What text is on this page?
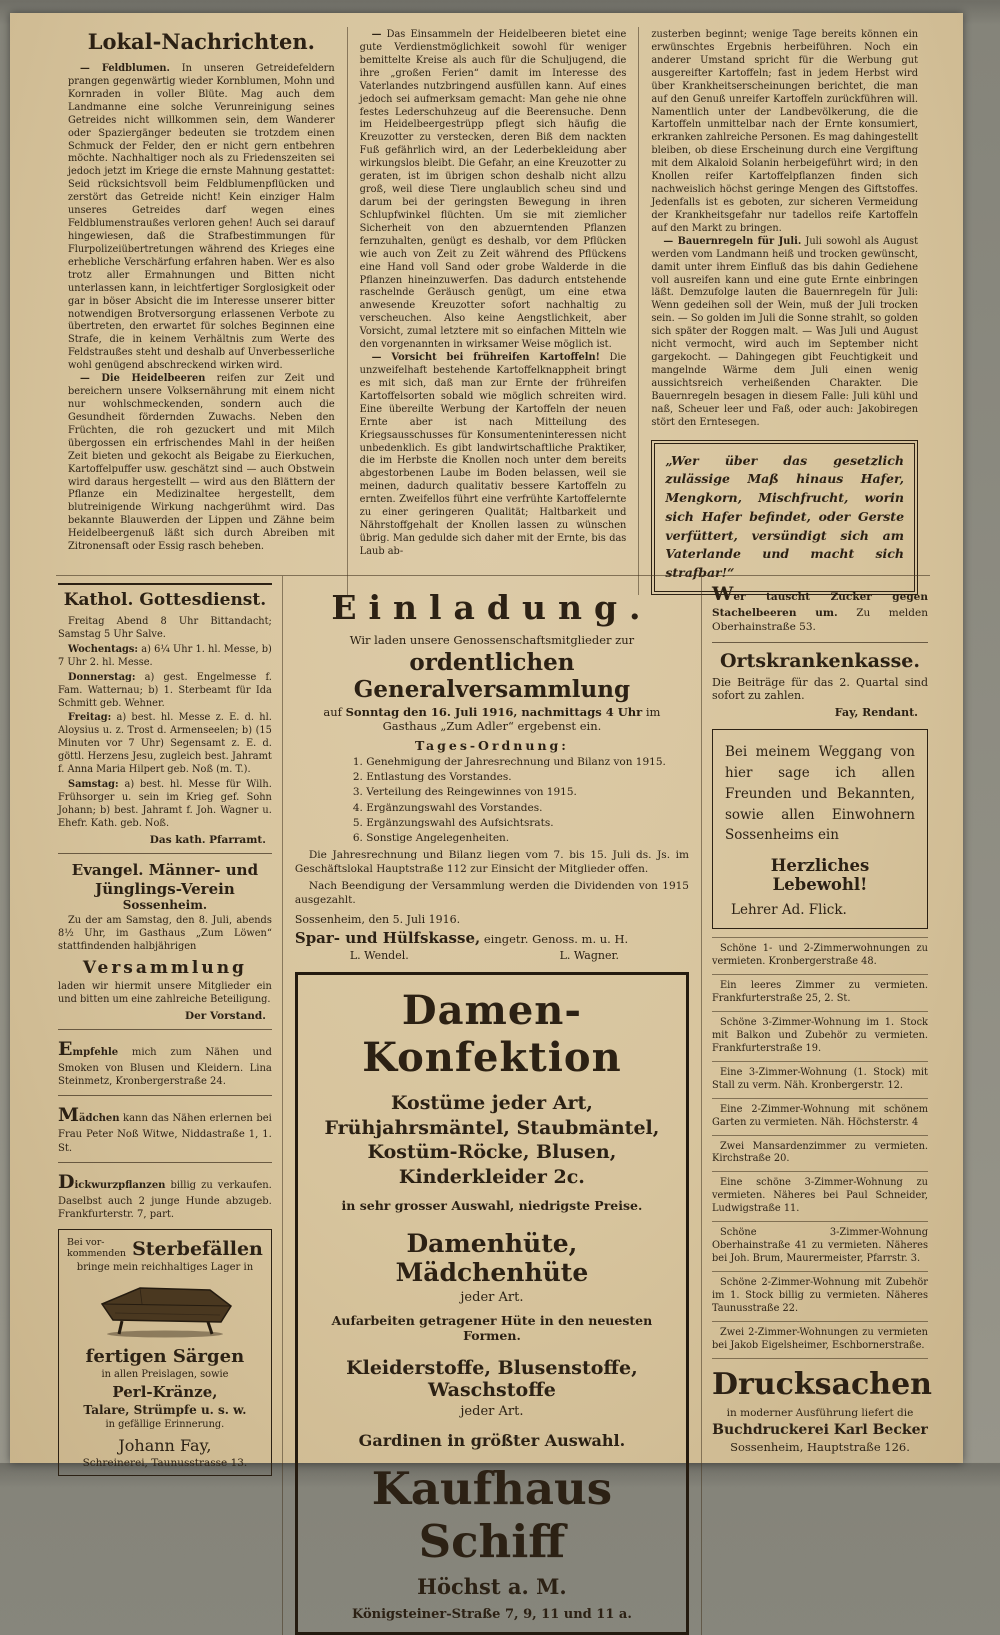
Lokal-Nachrichten.

— Feldblumen. In unseren Getreidefeldern prangen gegenwärtig wieder Kornblumen, Mohn und Kornraden in voller Blüte. Mag auch dem Landmanne eine solche Verunreinigung seines Getreides nicht willkommen sein, dem Wanderer oder Spaziergänger bedeuten sie trotzdem einen Schmuck der Felder, den er nicht gern entbehren möchte. Nachhaltiger noch als zu Friedenszeiten sei jedoch jetzt im Kriege die ernste Mahnung gestattet: Seid rücksichtsvoll beim Feldblumenpflücken und zerstört das Getreide nicht! Kein einziger Halm unseres Getreides darf wegen eines Feldblumenstraußes verloren gehen! Auch sei darauf hingewiesen, daß die Strafbestimmungen für Flurpolizeiübertretungen während des Krieges eine erhebliche Verschärfung erfahren haben. Wer es also trotz aller Ermahnungen und Bitten nicht unterlassen kann, in leichtfertiger Sorglosigkeit oder gar in böser Absicht die im Interesse unserer bitter notwendigen Brotversorgung erlassenen Verbote zu übertreten, den erwartet für solches Beginnen eine Strafe, die in keinem Verhältnis zum Werte des Feldstraußes steht und deshalb auf Unverbesserliche wohl genügend abschreckend wirken wird.

— Die Heidelbeeren reifen zur Zeit und bereichern unsere Volksernährung mit einem nicht nur wohlschmeckenden, sondern auch die Gesundheit fördernden Zuwachs. Neben den Früchten, die roh gezuckert und mit Milch übergossen ein erfrischendes Mahl in der heißen Zeit bieten und gekocht als Beigabe zu Eierkuchen, Kartoffelpuffer usw. geschätzt sind — auch Obstwein wird daraus hergestellt — wird aus den Blättern der Pflanze ein Medizinaltee hergestellt, dem blutreinigende Wirkung nachgerühmt wird. Das bekannte Blauwerden der Lippen und Zähne beim Heidelbeergenuß läßt sich durch Abreiben mit Zitronensaft oder Essig rasch beheben.

— Das Einsammeln der Heidelbeeren bietet eine gute Verdienstmöglichkeit sowohl für weniger bemittelte Kreise als auch für die Schuljugend, die ihre „großen Ferien“ damit im Interesse des Vaterlandes nutzbringend ausfüllen kann. Auf eines jedoch sei aufmerksam gemacht: Man gehe nie ohne festes Lederschuhzeug auf die Beerensuche. Denn im Heidelbeergestrüpp pflegt sich häufig die Kreuzotter zu verstecken, deren Biß dem nackten Fuß gefährlich wird, an der Lederbekleidung aber wirkungslos bleibt. Die Gefahr, an eine Kreuzotter zu geraten, ist im übrigen schon deshalb nicht allzu groß, weil diese Tiere unglaublich scheu sind und darum bei der geringsten Bewegung in ihren Schlupfwinkel flüchten. Um sie mit ziemlicher Sicherheit von den abzuerntenden Pflanzen fernzuhalten, genügt es deshalb, vor dem Pflücken wie auch von Zeit zu Zeit während des Pflückens eine Hand voll Sand oder grobe Walderde in die Pflanzen hineinzuwerfen. Das dadurch entstehende raschelnde Geräusch genügt, um eine etwa anwesende Kreuzotter sofort nachhaltig zu verscheuchen. Also keine Aengstlichkeit, aber Vorsicht, zumal letztere mit so einfachen Mitteln wie den vorgenannten in wirksamer Weise möglich ist.

— Vorsicht bei frühreifen Kartoffeln! Die unzweifelhaft bestehende Kartoffelknappheit bringt es mit sich, daß man zur Ernte der frühreifen Kartoffelsorten sobald wie möglich schreiten wird. Eine übereilte Werbung der Kartoffeln der neuen Ernte aber ist nach Mitteilung des Kriegsausschusses für Konsumenteninteressen nicht unbedenklich. Es gibt landwirtschaftliche Praktiker, die im Herbste die Knollen noch unter dem bereits abgestorbenen Laube im Boden belassen, weil sie meinen, dadurch qualitativ bessere Kartoffeln zu ernten. Zweifellos führt eine verfrühte Kartoffelernte zu einer geringeren Qualität; Haltbarkeit und Nährstoffgehalt der Knollen lassen zu wünschen übrig. Man gedulde sich daher mit der Ernte, bis das Laub ab-

zusterben beginnt; wenige Tage bereits können ein erwünschtes Ergebnis herbeiführen. Noch ein anderer Umstand spricht für die Werbung gut ausgereifter Kartoffeln; fast in jedem Herbst wird über Krankheitserscheinungen berichtet, die man auf den Genuß unreifer Kartoffeln zurückführen will. Namentlich unter der Landbevölkerung, die die Kartoffeln unmittelbar nach der Ernte konsumiert, erkranken zahlreiche Personen. Es mag dahingestellt bleiben, ob diese Erscheinung durch eine Vergiftung mit dem Alkaloid Solanin herbeigeführt wird; in den Knollen reifer Kartoffelpflanzen finden sich nachweislich höchst geringe Mengen des Giftstoffes. Jedenfalls ist es geboten, zur sicheren Vermeidung der Krankheitsgefahr nur tadellos reife Kartoffeln auf den Markt zu bringen.

— Bauernregeln für Juli. Juli sowohl als August werden vom Landmann heiß und trocken gewünscht, damit unter ihrem Einfluß das bis dahin Gediehene voll ausreifen kann und eine gute Ernte einbringen läßt. Demzufolge lauten die Bauernregeln für Juli: Wenn gedeihen soll der Wein, muß der Juli trocken sein. — So golden im Juli die Sonne strahlt, so golden sich später der Roggen malt. — Was Juli und August nicht vermocht, wird auch im September nicht gargekocht. — Dahingegen gibt Feuchtigkeit und mangelnde Wärme dem Juli einen wenig aussichtsreich verheißenden Charakter. Die Bauernregeln besagen in diesem Falle: Juli kühl und naß, Scheuer leer und Faß, oder auch: Jakobiregen stört den Erntesegen.

„Wer über das gesetzlich zulässige Maß hinaus Hafer, Mengkorn, Mischfrucht, worin sich Hafer befindet, oder Gerste verfüttert, versündigt sich am Vaterlande und macht sich strafbar!“
Kathol. Gottesdienst.

Freitag Abend 8 Uhr Bittandacht; Samstag 5 Uhr Salve.

Wochentags: a) 6¼ Uhr 1. hl. Messe, b) 7 Uhr 2. hl. Messe.

Donnerstag: a) gest. Engelmesse f. Fam. Watternau; b) 1. Sterbeamt für Ida Schmitt geb. Wehner.

Freitag: a) best. hl. Messe z. E. d. hl. Aloysius u. z. Trost d. Armenseelen; b) (15 Minuten vor 7 Uhr) Segensamt z. E. d. göttl. Herzens Jesu, zugleich best. Jahramt f. Anna Maria Hilpert geb. Noß (m. T.).

Samstag: a) best. hl. Messe für Wilh. Frühsorger u. sein im Krieg gef. Sohn Johann; b) best. Jahramt f. Joh. Wagner u. Ehefr. Kath. geb. Noß.

Das kath. Pfarramt.
Evangel. Männer- und Jünglings-Verein
Sossenheim.

Zu der am Samstag, den 8. Juli, abends 8½ Uhr, im Gasthaus „Zum Löwen“ stattfindenden halbjährigen

Versammlung

laden wir hiermit unsere Mitglieder ein und bitten um eine zahlreiche Beteiligung.

Der Vorstand.

Empfehle mich zum Nähen und Smoken von Blusen und Kleidern. Lina Steinmetz, Kronbergerstraße 24.

Mädchen kann das Nähen erlernen bei Frau Peter Noß Witwe, Niddastraße 1, 1. St.

Dickwurzpflanzen billig zu verkaufen. Daselbst auch 2 junge Hunde abzugeb. Frankfurterstr. 7, part.

Bei vor-
kommenden Sterbefällen
bringe mein reichhaltiges Lager in
fertigen Särgen
in allen Preislagen, sowie
Perl-Kränze,
Talare, Strümpfe u. s. w.
in gefällige Erinnerung.
Johann Fay,
Schreinerei, Taunusstrasse 13.
Einladung.
Wir laden unsere Genossenschaftsmitglieder zur
ordentlichen Generalversammlung
auf Sonntag den 16. Juli 1916, nachmittags 4 Uhr im Gasthaus „Zum Adler“ ergebenst ein.
Tages-Ordnung:

1. Genehmigung der Jahresrechnung und Bilanz von 1915.

2. Entlastung des Vorstandes.

3. Verteilung des Reingewinnes von 1915.

4. Ergänzungswahl des Vorstandes.

5. Ergänzungswahl des Aufsichtsrats.

6. Sonstige Angelegenheiten.

Die Jahresrechnung und Bilanz liegen vom 7. bis 15. Juli ds. Js. im Geschäftslokal Hauptstraße 112 zur Einsicht der Mitglieder offen.

Nach Beendigung der Versammlung werden die Dividenden von 1915 ausgezahlt.

Sossenheim, den 5. Juli 1916.
Spar- und Hülfskasse, eingetr. Genoss. m. u. H.
L. Wendel.	L. Wagner.
Damen-Konfektion
Kostüme jeder Art, Frühjahrsmäntel, Staubmäntel, Kostüm-Röcke, Blusen, Kinderkleider 2c.
in sehr grosser Auswahl, niedrigste Preise.
Damenhüte, Mädchenhüte
jeder Art.
Aufarbeiten getragener Hüte in den neuesten Formen.
Kleiderstoffe, Blusenstoffe, Waschstoffe
jeder Art.
Gardinen in größter Auswahl.
Kaufhaus Schiff
Höchst a. M.
Königsteiner-Straße 7, 9, 11 und 11 a.

Wer tauscht Zucker gegen Stachelbeeren um. Zu melden Oberhainstraße 53.

Ortskrankenkasse.

Die Beiträge für das 2. Quartal sind sofort zu zahlen.

Fay, Rendant.

Bei meinem Weggang von hier sage ich allen Freunden und Bekannten, sowie allen Einwohnern Sossenheims ein

Herzliches Lebewohl!
Lehrer Ad. Flick.

Schöne 1- und 2-Zimmerwohnungen zu vermieten. Kronbergerstraße 48.

Ein leeres Zimmer zu vermieten. Frankfurterstraße 25, 2. St.

Schöne 3-Zimmer-Wohnung im 1. Stock mit Balkon und Zubehör zu vermieten. Frankfurterstraße 19.

Eine 3-Zimmer-Wohnung (1. Stock) mit Stall zu verm. Näh. Kronbergerstr. 12.

Eine 2-Zimmer-Wohnung mit schönem Garten zu vermieten. Näh. Höchsterstr. 4

Zwei Mansardenzimmer zu vermieten. Kirchstraße 20.

Eine schöne 3-Zimmer-Wohnung zu vermieten. Näheres bei Paul Schneider, Ludwigstraße 11.

Schöne 3-Zimmer-Wohnung Oberhainstraße 41 zu vermieten. Näheres bei Joh. Brum, Maurermeister, Pfarrstr. 3.

Schöne 2-Zimmer-Wohnung mit Zubehör im 1. Stock billig zu vermieten. Näheres Taunusstraße 22.

Zwei 2-Zimmer-Wohnungen zu vermieten bei Jakob Eigelsheimer, Eschbornerstraße.

Drucksachen
in moderner Ausführung liefert die
Buchdruckerei Karl Becker
Sossenheim, Hauptstraße 126.
